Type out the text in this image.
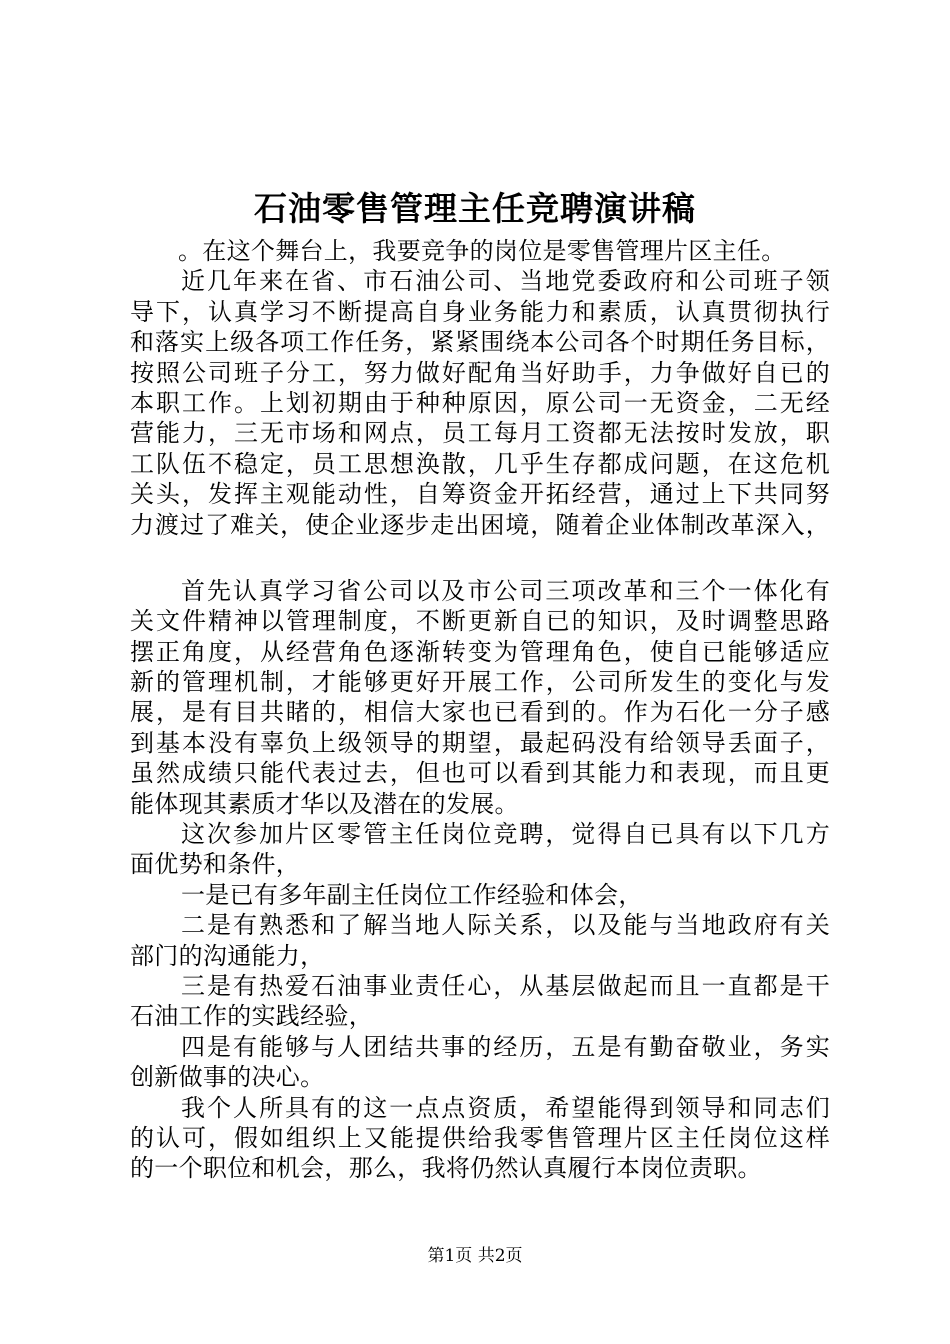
石油零售管理主任竞聘演讲稿
。在这个舞台上，我要竞争的岗位是零售管理片区主任。
近几年来在省、市石油公司、当地党委政府和公司班子领
导下，认真学习不断提高自身业务能力和素质，认真贯彻执行
和落实上级各项工作任务，紧紧围绕本公司各个时期任务目标，
按照公司班子分工，努力做好配角当好助手，力争做好自已的
本职工作。上划初期由于种种原因，原公司一无资金，二无经
营能力，三无市场和网点，员工每月工资都无法按时发放，职
工队伍不稳定，员工思想涣散，几乎生存都成问题，在这危机
关头，发挥主观能动性，自筹资金开拓经营，通过上下共同努
力渡过了难关，使企业逐步走出困境，随着企业体制改革深入，
首先认真学习省公司以及市公司三项改革和三个一体化有
关文件精神以管理制度，不断更新自已的知识，及时调整思路
摆正角度，从经营角色逐渐转变为管理角色，使自已能够适应
新的管理机制，才能够更好开展工作，公司所发生的变化与发
展，是有目共睹的，相信大家也已看到的。作为石化一分子感
到基本没有辜负上级领导的期望，最起码没有给领导丢面子，
虽然成绩只能代表过去，但也可以看到其能力和表现，而且更
能体现其素质才华以及潜在的发展。
这次参加片区零管主任岗位竞聘，觉得自已具有以下几方
面优势和条件，
一是已有多年副主任岗位工作经验和体会，
二是有熟悉和了解当地人际关系，以及能与当地政府有关
部门的沟通能力，
三是有热爱石油事业责任心，从基层做起而且一直都是干
石油工作的实践经验，
四是有能够与人团结共事的经历，五是有勤奋敬业，务实
创新做事的决心。
我个人所具有的这一点点资质，希望能得到领导和同志们
的认可，假如组织上又能提供给我零售管理片区主任岗位这样
的一个职位和机会，那么，我将仍然认真履行本岗位责职。
第1页 共2页
